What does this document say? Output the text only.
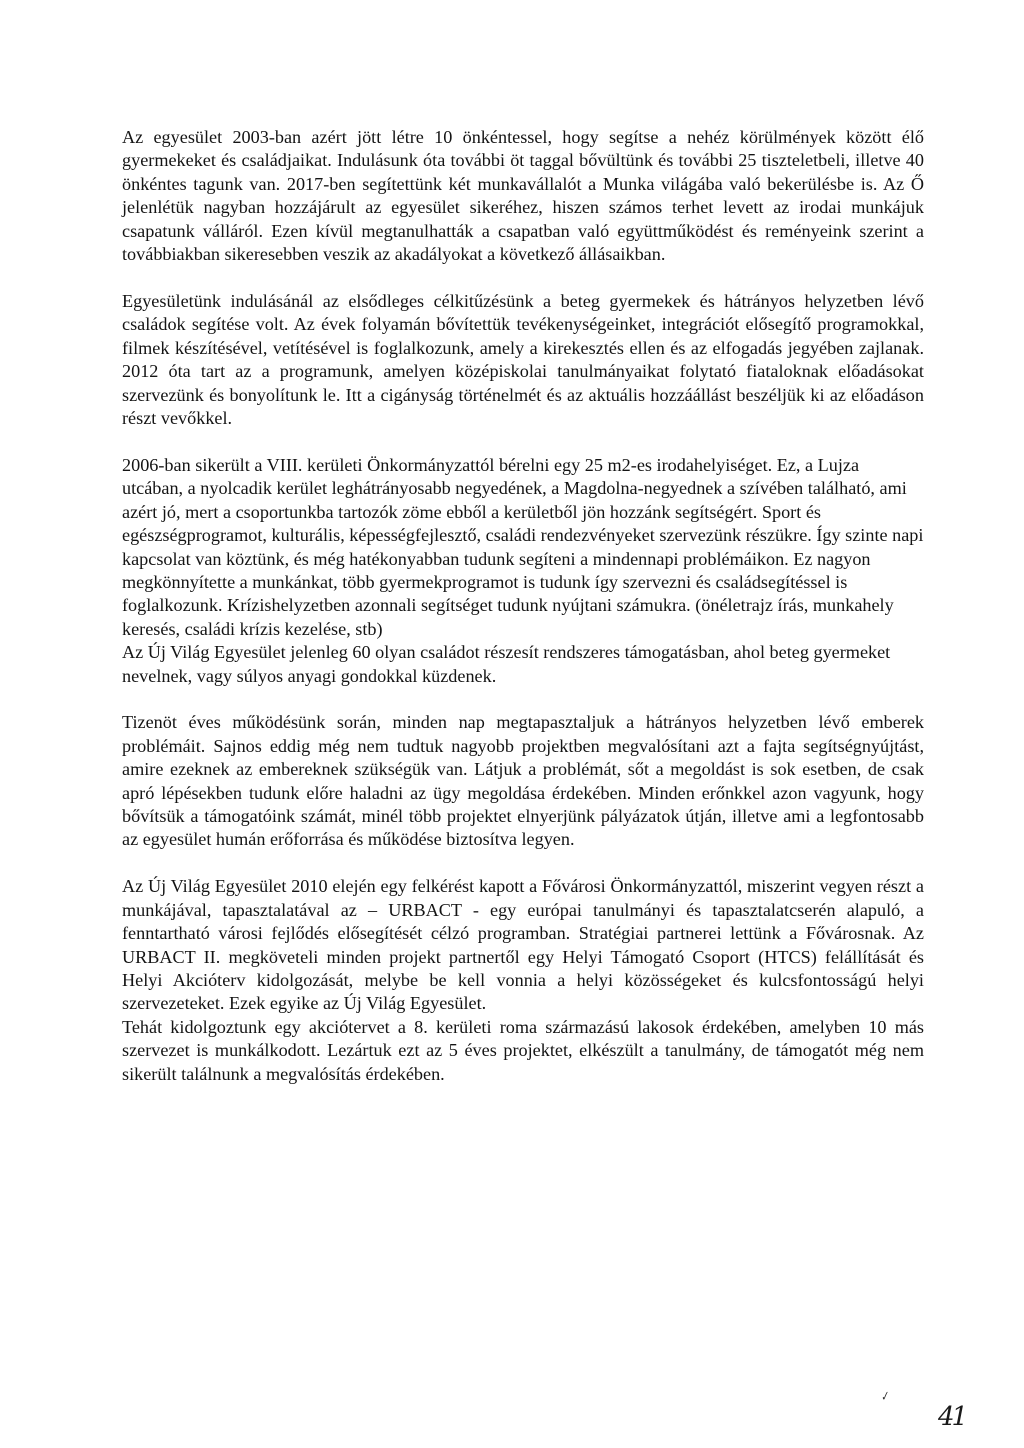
Az egyesület 2003-ban azért jött létre 10 önkéntessel, hogy segítse a nehéz körülmények között élő gyermekeket és családjaikat. Indulásunk óta további öt taggal bővültünk és további 25 tiszteletbeli, illetve 40 önkéntes tagunk van. 2017-ben segítettünk két munkavállalót a Munka világába való bekerülésbe is. Az Ő jelenlétük nagyban hozzájárult az egyesület sikeréhez, hiszen számos terhet levett az irodai munkájuk csapatunk válláról. Ezen kívül megtanulhatták a csapatban való együttműködést és reményeink szerint a továbbiakban sikeresebben veszik az akadályokat a következő állásaikban.

Egyesületünk indulásánál az elsődleges célkitűzésünk a beteg gyermekek és hátrányos helyzetben lévő családok segítése volt. Az évek folyamán bővítettük tevékenységeinket, integrációt elősegítő programokkal, filmek készítésével, vetítésével is foglalkozunk, amely a kirekesztés ellen és az elfogadás jegyében zajlanak. 2012 óta tart az a programunk, amelyen középiskolai tanulmányaikat folytató fiataloknak előadásokat szervezünk és bonyolítunk le. Itt a cigányság történelmét és az aktuális hozzáállást beszéljük ki az előadáson részt vevőkkel.

2006-ban sikerült a VIII. kerületi Önkormányzattól bérelni egy 25 m2-es irodahelyiséget. Ez, a Lujza utcában, a nyolcadik kerület leghátrányosabb negyedének, a Magdolna-negyednek a szívében található, ami azért jó, mert a csoportunkba tartozók zöme ebből a kerületből jön hozzánk segítségért. Sport és egészségprogramot, kulturális, képességfejlesztő, családi rendezvényeket szervezünk részükre. Így szinte napi kapcsolat van köztünk, és még hatékonyabban tudunk segíteni a mindennapi problémáikon. Ez nagyon megkönnyítette a munkánkat, több gyermekprogramot is tudunk így szervezni és családsegítéssel is foglalkozunk. Krízishelyzetben azonnali segítséget tudunk nyújtani számukra. (önéletrajz írás, munkahely keresés, családi krízis kezelése, stb)

Az Új Világ Egyesület jelenleg 60 olyan családot részesít rendszeres támogatásban, ahol beteg gyermeket nevelnek, vagy súlyos anyagi gondokkal küzdenek.

Tizenöt éves működésünk során, minden nap megtapasztaljuk a hátrányos helyzetben lévő emberek problémáit. Sajnos eddig még nem tudtuk nagyobb projektben megvalósítani azt a fajta segítségnyújtást, amire ezeknek az embereknek szükségük van. Látjuk a problémát, sőt a megoldást is sok esetben, de csak apró lépésekben tudunk előre haladni az ügy megoldása érdekében. Minden erőnkkel azon vagyunk, hogy bővítsük a támogatóink számát, minél több projektet elnyerjünk pályázatok útján, illetve ami a legfontosabb az egyesület humán erőforrása és működése biztosítva legyen.

Az Új Világ Egyesület 2010 elején egy felkérést kapott a Fővárosi Önkormányzattól, miszerint vegyen részt a munkájával, tapasztalatával az – URBACT - egy európai tanulmányi és tapasztalatcserén alapuló, a fenntartható városi fejlődés elősegítését célzó programban. Stratégiai partnerei lettünk a Fővárosnak. Az URBACT II. megköveteli minden projekt partnertől egy Helyi Támogató Csoport (HTCS) felállítását és Helyi Akcióterv kidolgozását, melybe be kell vonnia a helyi közösségeket és kulcsfontosságú helyi szervezeteket. Ezek egyike az Új Világ Egyesület.

Tehát kidolgoztunk egy akciótervet a 8. kerületi roma származású lakosok érdekében, amelyben 10 más szervezet is munkálkodott. Lezártuk ezt az 5 éves projektet, elkészült a tanulmány, de támogatót még nem sikerült találnunk a megvalósítás érdekében.

✓
41
